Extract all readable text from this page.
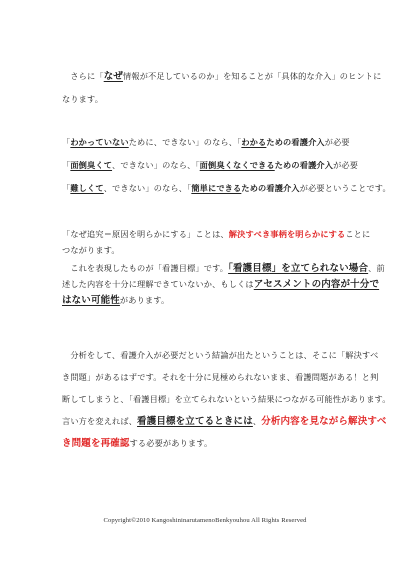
　さらに「なぜ情報が不足しているのか」を知ることが「具体的な介入」のヒントに
なります。
「わかっていないために、できない」のなら、「わかるための看護介入が必要
「面倒臭くて、できない」のなら、「面倒臭くなくできるための看護介入が必要
「難しくて、できない」のなら、「簡単にできるための看護介入が必要ということです。
「なぜ追究＝原因を明らかにする」ことは、解決すべき事柄を明らかにすることに
つながります。
　これを表現したものが「看護目標」です。「看護目標」を立てられない場合、前
述した内容を十分に理解できていないか、もしくはアセスメントの内容が十分で
はない可能性があります。
　分析をして、看護介入が必要だという結論が出たということは、そこに「解決すべ
き問題」があるはずです。それを十分に見極められないまま、看護問題がある！と判
断してしまうと、「看護目標」を立てられないという結果につながる可能性があります。
言い方を変えれば、看護目標を立てるときには、分析内容を見ながら解決すべ
き問題を再確認する必要があります。
Copyright©2010 KangoshininarutamenoBenkyouhou All Rights Reserved
